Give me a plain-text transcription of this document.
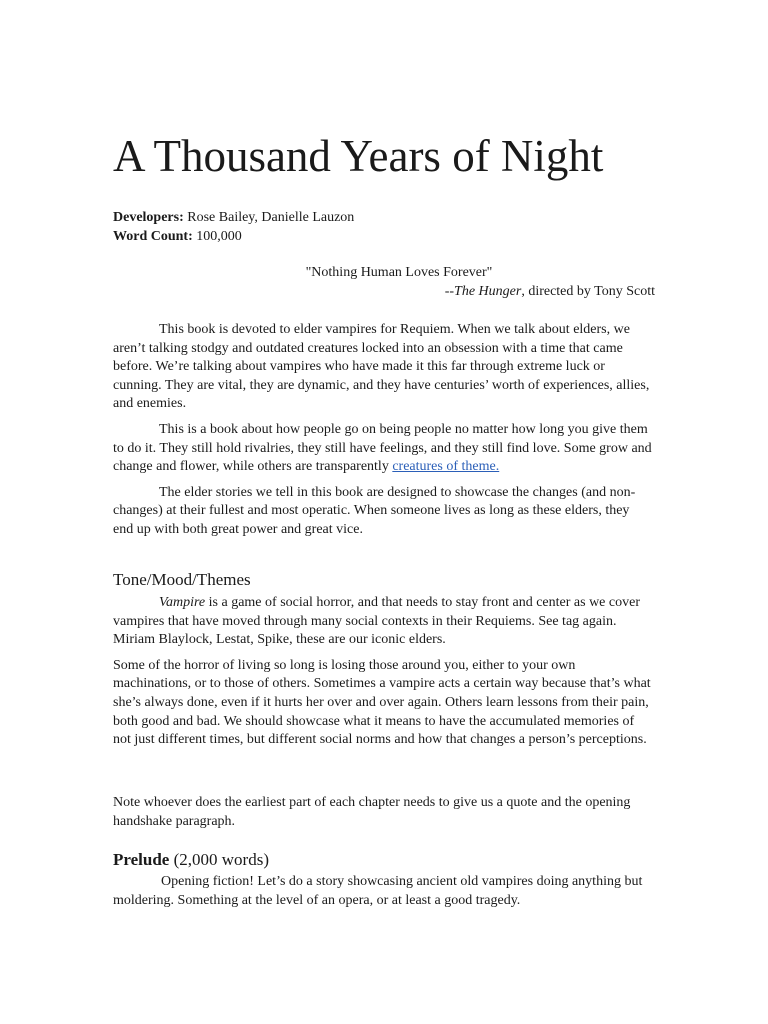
A Thousand Years of Night
Developers: Rose Bailey, Danielle Lauzon
Word Count: 100,000
"Nothing Human Loves Forever"
--The Hunger, directed by Tony Scott

This book is devoted to elder vampires for Requiem. When we talk about elders, we aren’t talking stodgy and outdated creatures locked into an obsession with a time that came before. We’re talking about vampires who have made it this far through extreme luck or cunning. They are vital, they are dynamic, and they have centuries’ worth of experiences, allies, and enemies.

This is a book about how people go on being people no matter how long you give them to do it. They still hold rivalries, they still have feelings, and they still find love. Some grow and change and flower, while others are transparently creatures of theme.

The elder stories we tell in this book are designed to showcase the changes (and non-changes) at their fullest and most operatic. When someone lives as long as these elders, they end up with both great power and great vice.

Tone/Mood/Themes

Vampire is a game of social horror, and that needs to stay front and center as we cover vampires that have moved through many social contexts in their Requiems. See tag again. Miriam Blaylock, Lestat, Spike, these are our iconic elders.

Some of the horror of living so long is losing those around you, either to your own machinations, or to those of others. Sometimes a vampire acts a certain way because that’s what she’s always done, even if it hurts her over and over again. Others learn lessons from their pain, both good and bad. We should showcase what it means to have the accumulated memories of not just different times, but different social norms and how that changes a person’s perceptions.

Note whoever does the earliest part of each chapter needs to give us a quote and the opening handshake paragraph.

Prelude (2,000 words)

Opening fiction! Let’s do a story showcasing ancient old vampires doing anything but moldering. Something at the level of an opera, or at least a good tragedy.
